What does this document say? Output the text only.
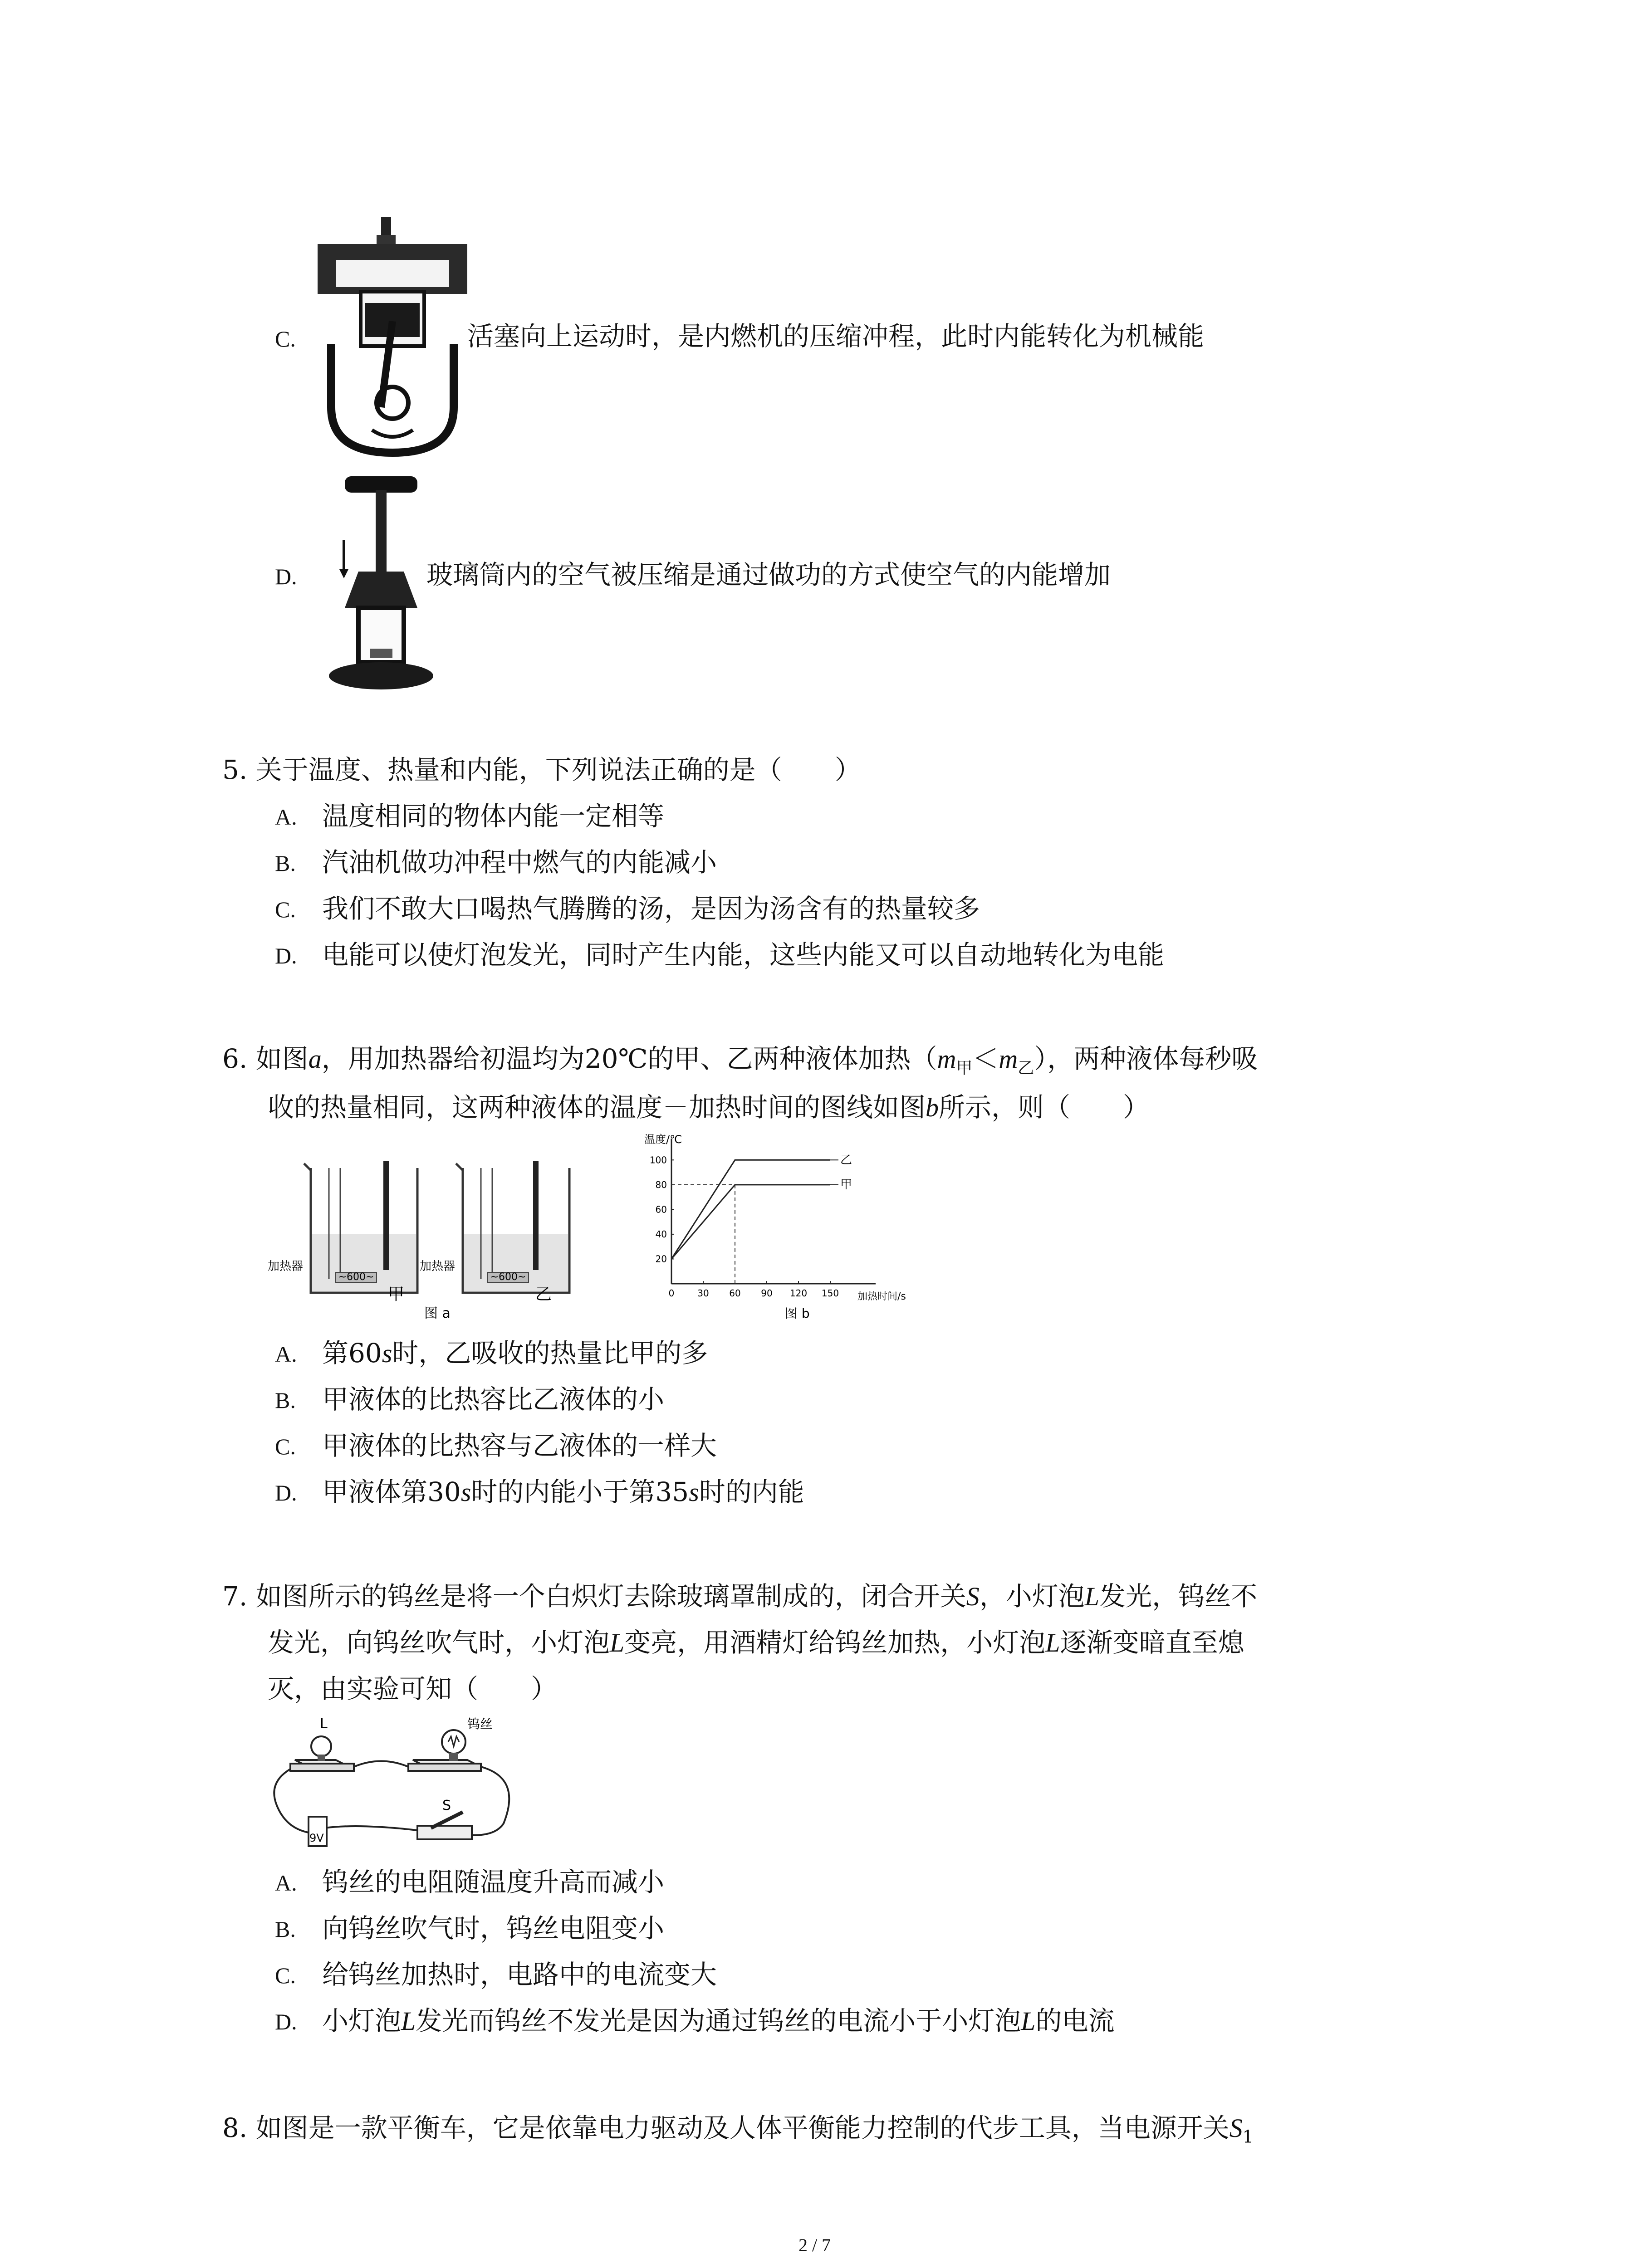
C.	活塞向上运动时，是内燃机的压缩冲程，此时内能转化为机械能
D.	玻璃筒内的空气被压缩是通过做功的方式使空气的内能增加
5. 关于温度、热量和内能，下列说法正确的是（　　）
A. 温度相同的物体内能一定相等
B. 汽油机做功冲程中燃气的内能减小
C. 我们不敢大口喝热气腾腾的汤，是因为汤含有的热量较多
D. 电能可以使灯泡发光，同时产生内能，这些内能又可以自动地转化为电能
6. 如图a，用加热器给初温均为20℃的甲、乙两种液体加热$(m_甲<m_乙)$，两种液体每秒吸
收的热量相同，这两种液体的温度－加热时间的图线如图b所示，则（　　）
~600~
加热器
甲
~600~
加热器
乙
图 a
温度/℃
加热时间/s
图 b
0	30 60 90 120 150
20
40
60
80
100	乙
甲
A. 第60s时，乙吸收的热量比甲的多
B. 甲液体的比热容比乙液体的小
C. 甲液体的比热容与乙液体的一样大
D. 甲液体第30s时的内能小于第35s时的内能
7. 如图所示的钨丝是将一个白炽灯去除玻璃罩制成的，闭合开关S，小灯泡L发光，钨丝不
发光，向钨丝吹气时，小灯泡L变亮，用酒精灯给钨丝加热，小灯泡L逐渐变暗直至熄
灭，由实验可知（　　）
L	钨丝
S
9V
A. 钨丝的电阻随温度升高而减小
B. 向钨丝吹气时，钨丝电阻变小
C. 给钨丝加热时，电路中的电流变大
D. 小灯泡L发光而钨丝不发光是因为通过钨丝的电流小于小灯泡L的电流
8. 如图是一款平衡车，它是依靠电力驱动及人体平衡能力控制的代步工具，当电源开关$S_1$
2 / 7
